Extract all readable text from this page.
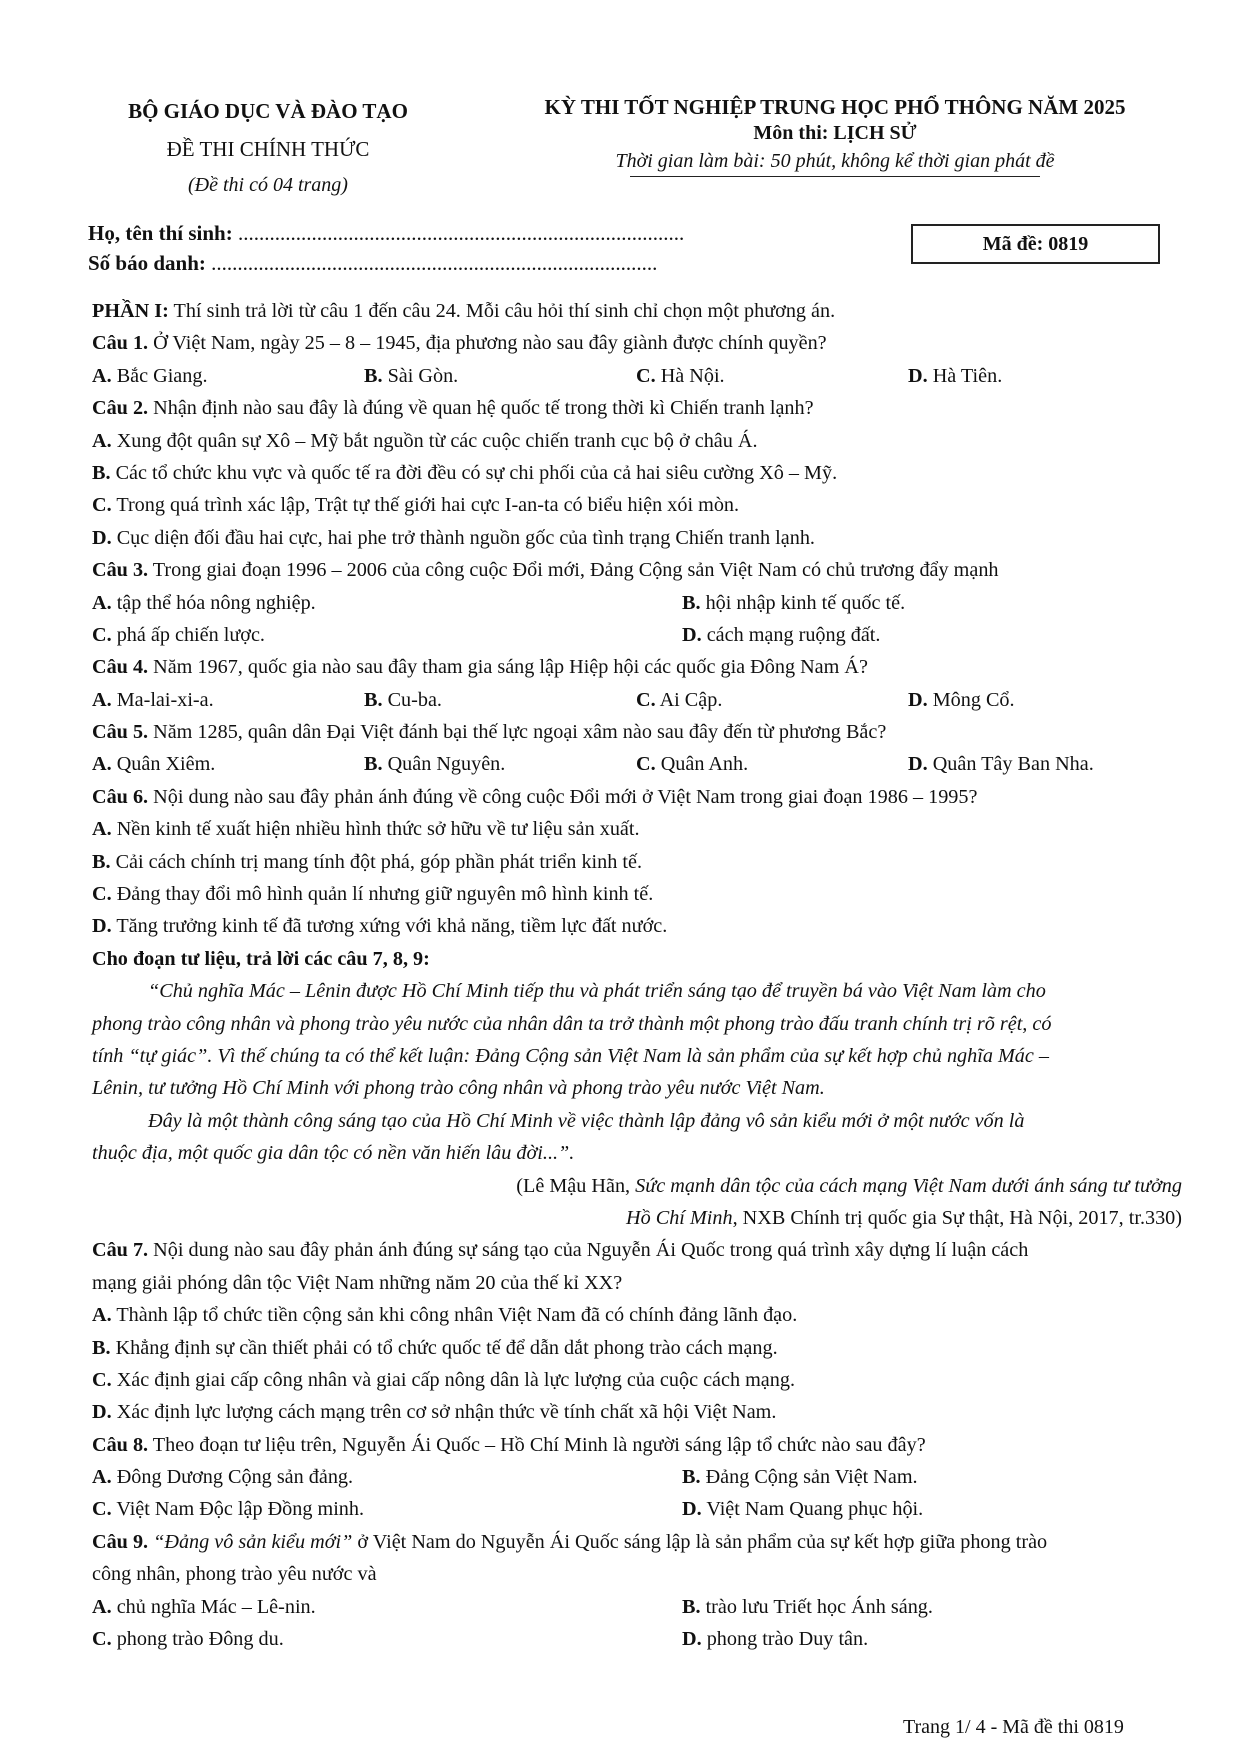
BỘ GIÁO DỤC VÀ ĐÀO TẠO
ĐỀ THI CHÍNH THỨC
(Đề thi có 04 trang)
KỲ THI TỐT NGHIỆP TRUNG HỌC PHỔ THÔNG NĂM 2025
Môn thi: LỊCH SỬ
Thời gian làm bài: 50 phút, không kể thời gian phát đề
Họ, tên thí sinh: .....................................................................................
Số báo danh: .....................................................................................
Mã đề: 0819
PHẦN I: Thí sinh trả lời từ câu 1 đến câu 24. Mỗi câu hỏi thí sinh chỉ chọn một phương án.
Câu 1. Ở Việt Nam, ngày 25 – 8 – 1945, địa phương nào sau đây giành được chính quyền?
A. Bắc Giang.	B. Sài Gòn.	C. Hà Nội.	D. Hà Tiên.
Câu 2. Nhận định nào sau đây là đúng về quan hệ quốc tế trong thời kì Chiến tranh lạnh?
A. Xung đột quân sự Xô – Mỹ bắt nguồn từ các cuộc chiến tranh cục bộ ở châu Á.
B. Các tổ chức khu vực và quốc tế ra đời đều có sự chi phối của cả hai siêu cường Xô – Mỹ.
C. Trong quá trình xác lập, Trật tự thế giới hai cực I-an-ta có biểu hiện xói mòn.
D. Cục diện đối đầu hai cực, hai phe trở thành nguồn gốc của tình trạng Chiến tranh lạnh.
Câu 3. Trong giai đoạn 1996 – 2006 của công cuộc Đổi mới, Đảng Cộng sản Việt Nam có chủ trương đẩy mạnh
A. tập thể hóa nông nghiệp.	B. hội nhập kinh tế quốc tế.
C. phá ấp chiến lược.	D. cách mạng ruộng đất.
Câu 4. Năm 1967, quốc gia nào sau đây tham gia sáng lập Hiệp hội các quốc gia Đông Nam Á?
A. Ma-lai-xi-a.	B. Cu-ba.	C. Ai Cập.	D. Mông Cổ.
Câu 5. Năm 1285, quân dân Đại Việt đánh bại thế lực ngoại xâm nào sau đây đến từ phương Bắc?
A. Quân Xiêm.	B. Quân Nguyên.	C. Quân Anh.	D. Quân Tây Ban Nha.
Câu 6. Nội dung nào sau đây phản ánh đúng về công cuộc Đổi mới ở Việt Nam trong giai đoạn 1986 – 1995?
A. Nền kinh tế xuất hiện nhiều hình thức sở hữu về tư liệu sản xuất.
B. Cải cách chính trị mang tính đột phá, góp phần phát triển kinh tế.
C. Đảng thay đổi mô hình quản lí nhưng giữ nguyên mô hình kinh tế.
D. Tăng trưởng kinh tế đã tương xứng với khả năng, tiềm lực đất nước.
Cho đoạn tư liệu, trả lời các câu 7, 8, 9:
“Chủ nghĩa Mác – Lênin được Hồ Chí Minh tiếp thu và phát triển sáng tạo để truyền bá vào Việt Nam làm cho
phong trào công nhân và phong trào yêu nước của nhân dân ta trở thành một phong trào đấu tranh chính trị rõ rệt, có
tính “tự giác”. Vì thế chúng ta có thể kết luận: Đảng Cộng sản Việt Nam là sản phẩm của sự kết hợp chủ nghĩa Mác –
Lênin, tư tưởng Hồ Chí Minh với phong trào công nhân và phong trào yêu nước Việt Nam.
Đây là một thành công sáng tạo của Hồ Chí Minh về việc thành lập đảng vô sản kiểu mới ở một nước vốn là
thuộc địa, một quốc gia dân tộc có nền văn hiến lâu đời...”.
(Lê Mậu Hãn, Sức mạnh dân tộc của cách mạng Việt Nam dưới ánh sáng tư tưởng
Hồ Chí Minh, NXB Chính trị quốc gia Sự thật, Hà Nội, 2017, tr.330)
Câu 7. Nội dung nào sau đây phản ánh đúng sự sáng tạo của Nguyễn Ái Quốc trong quá trình xây dựng lí luận cách
mạng giải phóng dân tộc Việt Nam những năm 20 của thế kỉ XX?
A. Thành lập tổ chức tiền cộng sản khi công nhân Việt Nam đã có chính đảng lãnh đạo.
B. Khẳng định sự cần thiết phải có tổ chức quốc tế để dẫn dắt phong trào cách mạng.
C. Xác định giai cấp công nhân và giai cấp nông dân là lực lượng của cuộc cách mạng.
D. Xác định lực lượng cách mạng trên cơ sở nhận thức về tính chất xã hội Việt Nam.
Câu 8. Theo đoạn tư liệu trên, Nguyễn Ái Quốc – Hồ Chí Minh là người sáng lập tổ chức nào sau đây?
A. Đông Dương Cộng sản đảng.	B. Đảng Cộng sản Việt Nam.
C. Việt Nam Độc lập Đồng minh.	D. Việt Nam Quang phục hội.
Câu 9. “Đảng vô sản kiểu mới” ở Việt Nam do Nguyễn Ái Quốc sáng lập là sản phẩm của sự kết hợp giữa phong trào
công nhân, phong trào yêu nước và
A. chủ nghĩa Mác – Lê-nin.	B. trào lưu Triết học Ánh sáng.
C. phong trào Đông du.	D. phong trào Duy tân.
Trang 1/ 4 - Mã đề thi 0819
